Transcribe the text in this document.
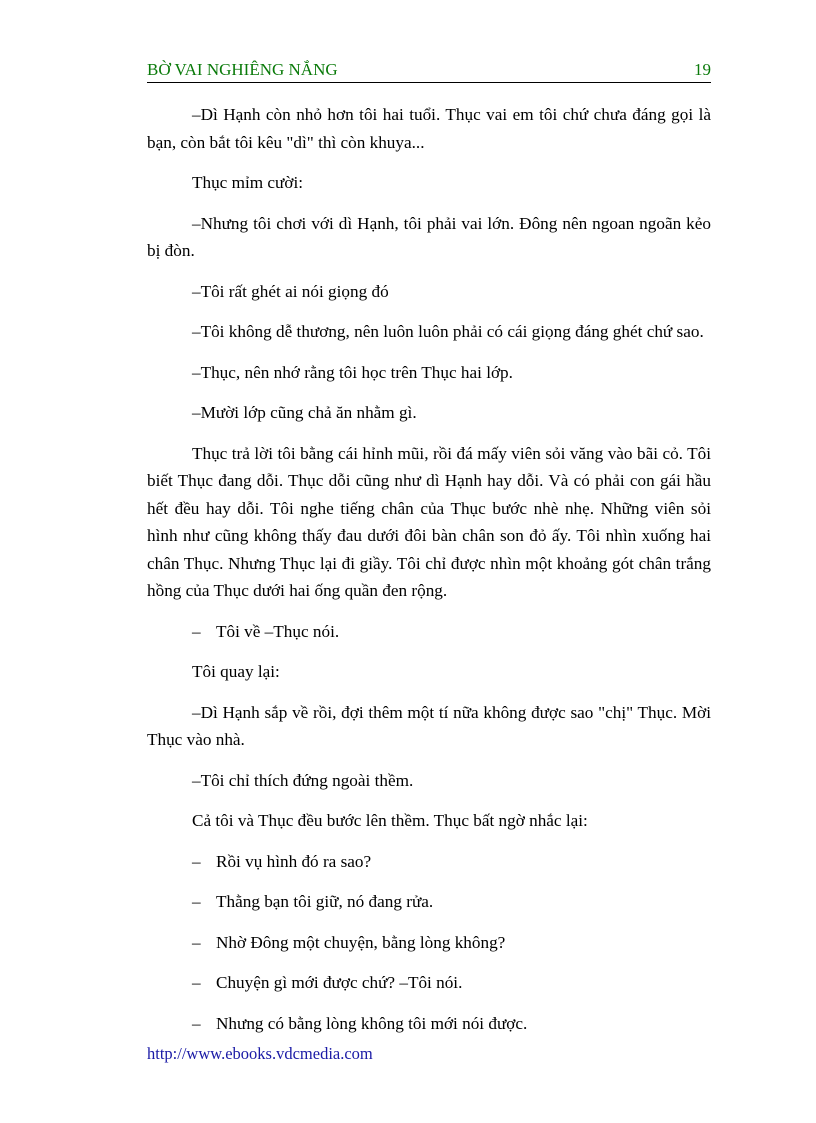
BỜ VAI NGHIÊNG NẮNG	19

–Dì Hạnh còn nhỏ hơn tôi hai tuổi. Thục vai em tôi chứ chưa đáng gọi là bạn, còn bắt tôi kêu "dì" thì còn khuya...

Thục mỉm cười:

–Nhưng tôi chơi với dì Hạnh, tôi phải vai lớn. Đông nên ngoan ngoãn kẻo bị đòn.

–Tôi rất ghét ai nói giọng đó

–Tôi không dễ thương, nên luôn luôn phải có cái giọng đáng ghét chứ sao.

–Thục, nên nhớ rằng tôi học trên Thục hai lớp.

–Mười lớp cũng chả ăn nhằm gì.

Thục trả lời tôi bằng cái hỉnh mũi, rồi đá mấy viên sỏi văng vào bãi cỏ. Tôi biết Thục đang dỗi. Thục dỗi cũng như dì Hạnh hay dỗi. Và có phải con gái hầu hết đều hay dỗi. Tôi nghe tiếng chân của Thục bước nhè nhẹ. Những viên sỏi hình như cũng không thấy đau dưới đôi bàn chân son đỏ ấy. Tôi nhìn xuống hai chân Thục. Nhưng Thục lại đi giầy. Tôi chỉ được nhìn một khoảng gót chân trắng hồng của Thục dưới hai ống quần đen rộng.

– Tôi về –Thục nói.

Tôi quay lại:

–Dì Hạnh sắp về rồi, đợi thêm một tí nữa không được sao "chị" Thục. Mời Thục vào nhà.

–Tôi chỉ thích đứng ngoài thềm.

Cả tôi và Thục đều bước lên thềm. Thục bất ngờ nhắc lại:

– Rồi vụ hình đó ra sao?

– Thằng bạn tôi giữ, nó đang rửa.

– Nhờ Đông một chuyện, bằng lòng không?

– Chuyện gì mới được chứ? –Tôi nói.

– Nhưng có bằng lòng không tôi mới nói được.

http://www.ebooks.vdcmedia.com
